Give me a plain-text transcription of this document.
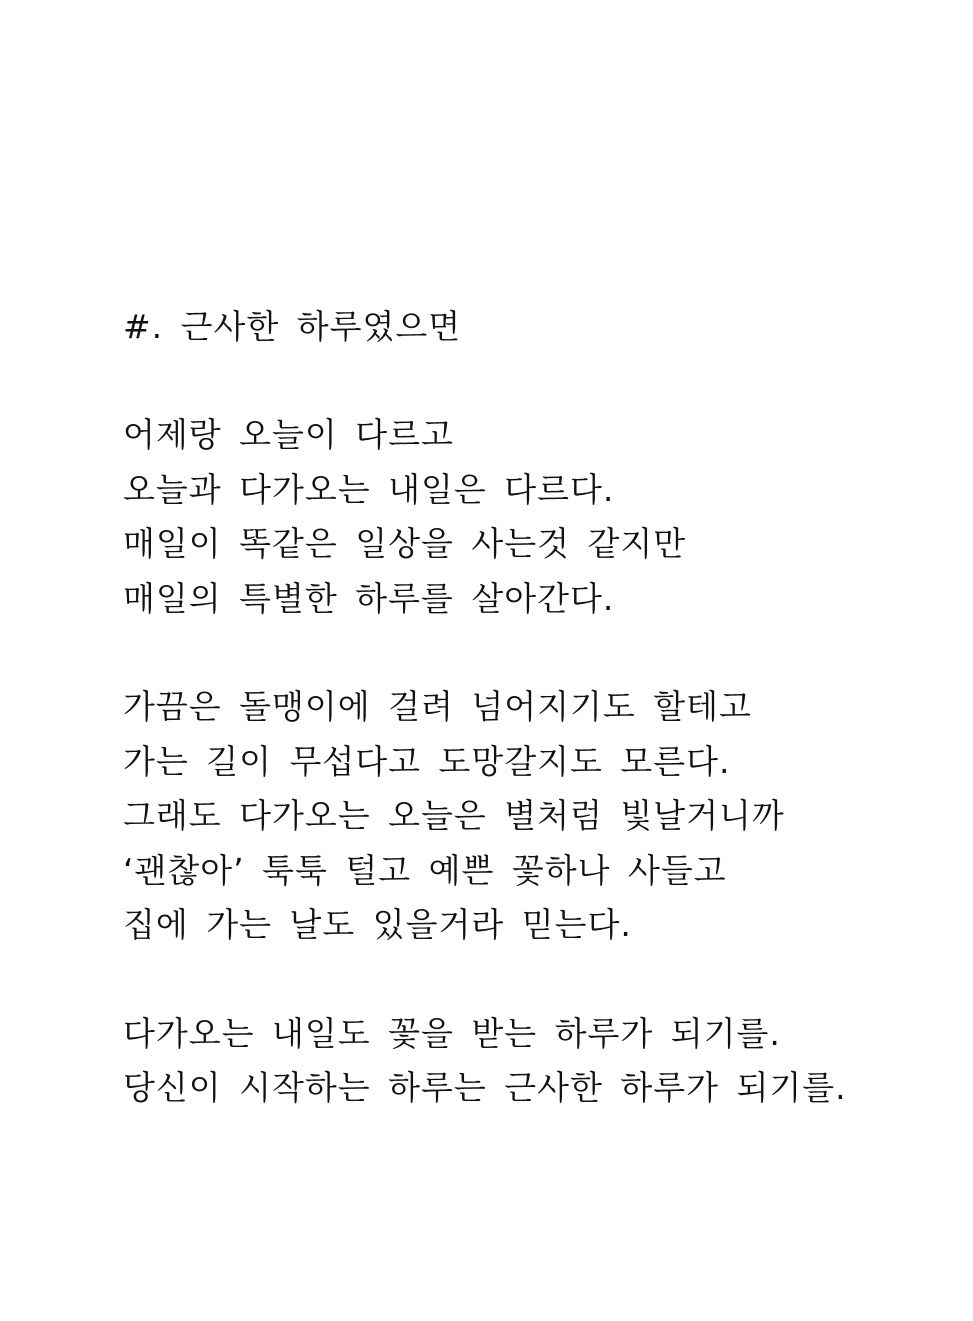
#. 근사한 하루였으면
어제랑 오늘이 다르고
오늘과 다가오는 내일은 다르다.
매일이 똑같은 일상을 사는것 같지만
매일의 특별한 하루를 살아간다.
가끔은 돌맹이에 걸려 넘어지기도 할테고
가는 길이 무섭다고 도망갈지도 모른다.
그래도 다가오는 오늘은 별처럼 빛날거니까
‘괜찮아’ 툭툭 털고 예쁜 꽃하나 사들고
집에 가는 날도 있을거라 믿는다.
다가오는 내일도 꽃을 받는 하루가 되기를.
당신이 시작하는 하루는 근사한 하루가 되기를.
